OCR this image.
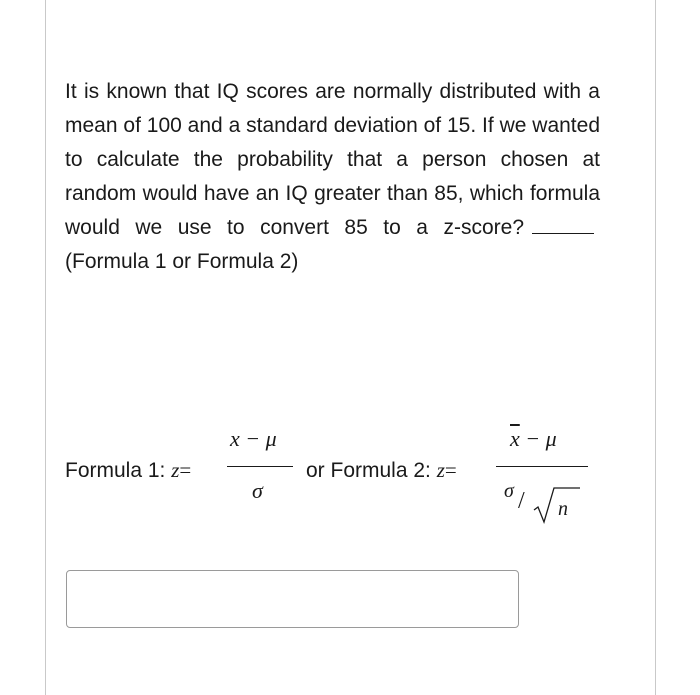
It is known that IQ scores are normally distributed with a mean of 100 and a standard deviation of 15. If we wanted to calculate the probability that a person chosen at random would have an IQ greater than 85, which formula would we use to convert 85 to a z-score?(Formula 1 or Formula 2)
Formula 1: z=
x − μ
σ
or Formula 2: z=
$\overline{x} - \mu$
σ / n
